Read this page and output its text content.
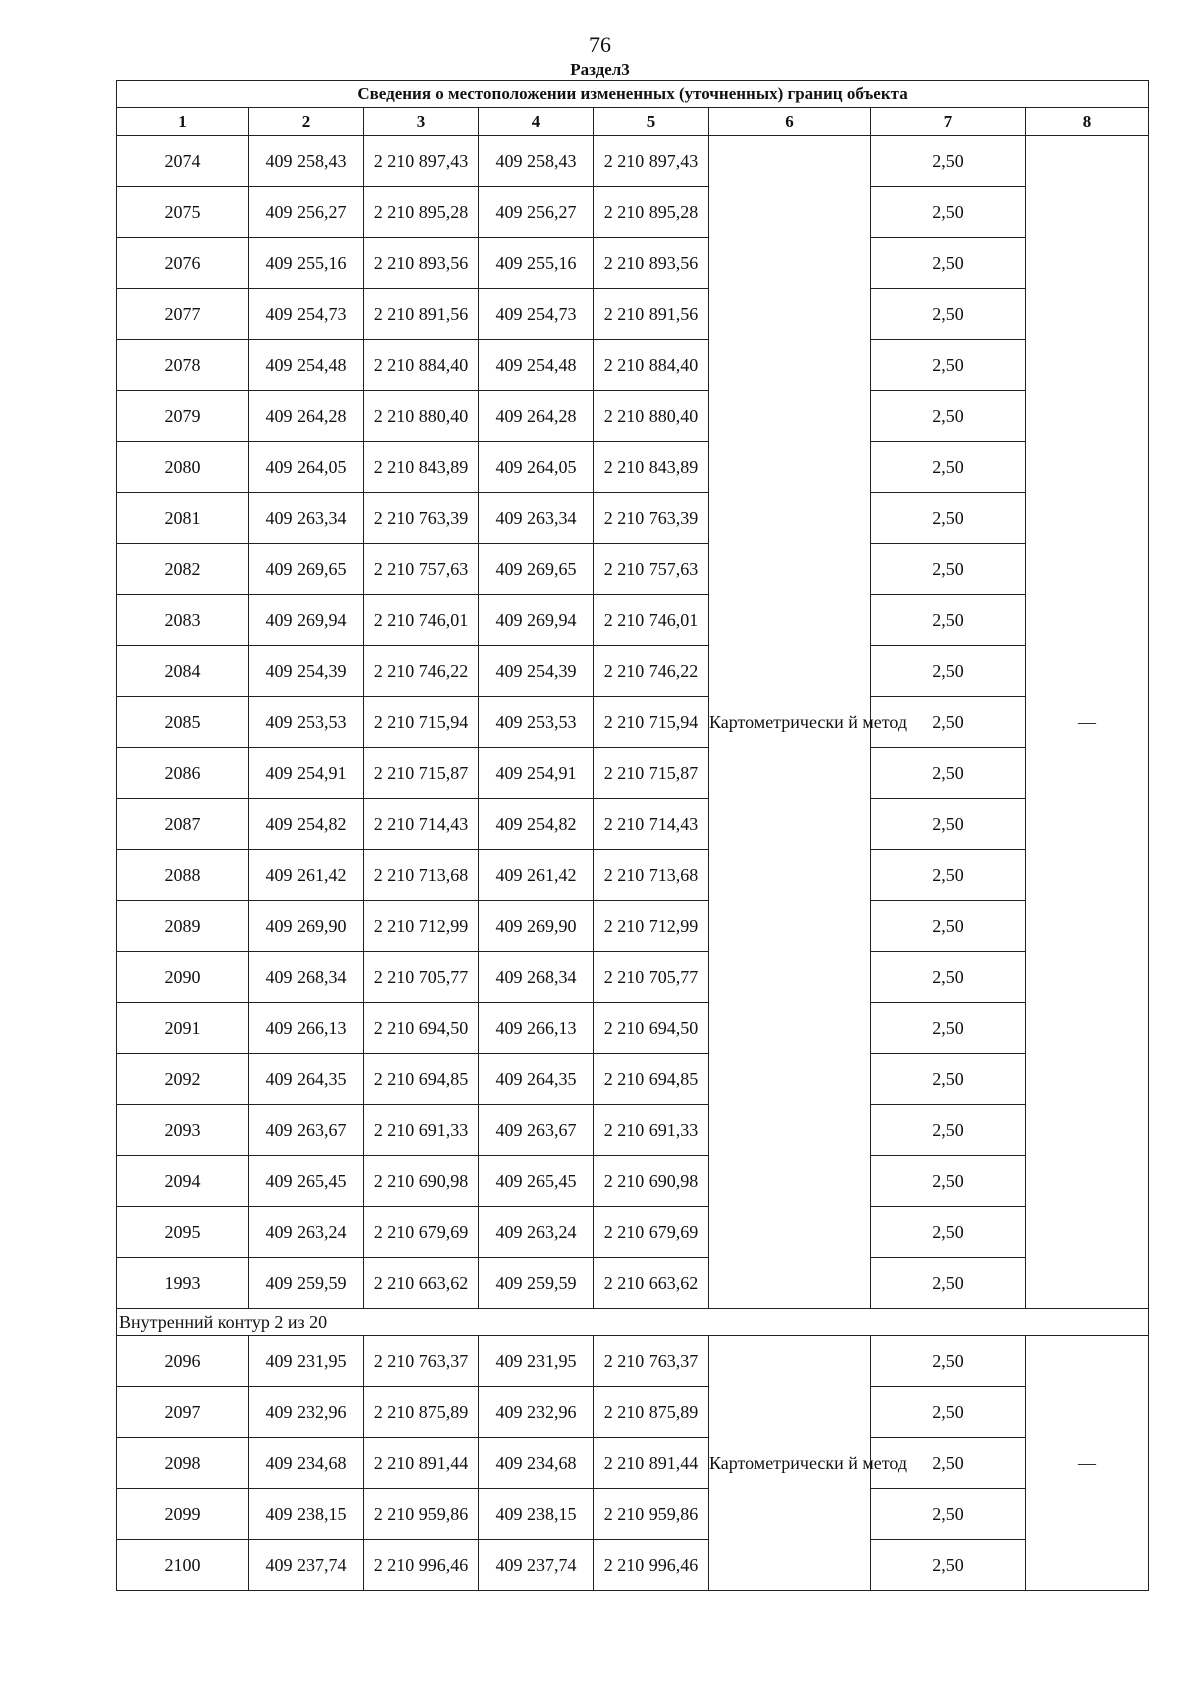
76
Раздел3
Сведения о местоположении измененных (уточненных) границ объекта							
1	2	3	4	5	6	7	8
2074	409 258,43	2 210 897,43	409 258,43	2 210 897,43	Картометрически й метод	2,50	—
2075	409 256,27	2 210 895,28	409 256,27	2 210 895,28		2,50	
2076	409 255,16	2 210 893,56	409 255,16	2 210 893,56		2,50	
2077	409 254,73	2 210 891,56	409 254,73	2 210 891,56		2,50	
2078	409 254,48	2 210 884,40	409 254,48	2 210 884,40		2,50	
2079	409 264,28	2 210 880,40	409 264,28	2 210 880,40		2,50	
2080	409 264,05	2 210 843,89	409 264,05	2 210 843,89		2,50	
2081	409 263,34	2 210 763,39	409 263,34	2 210 763,39		2,50	
2082	409 269,65	2 210 757,63	409 269,65	2 210 757,63		2,50	
2083	409 269,94	2 210 746,01	409 269,94	2 210 746,01		2,50	
2084	409 254,39	2 210 746,22	409 254,39	2 210 746,22		2,50	
2085	409 253,53	2 210 715,94	409 253,53	2 210 715,94		2,50	
2086	409 254,91	2 210 715,87	409 254,91	2 210 715,87		2,50	
2087	409 254,82	2 210 714,43	409 254,82	2 210 714,43		2,50	
2088	409 261,42	2 210 713,68	409 261,42	2 210 713,68		2,50	
2089	409 269,90	2 210 712,99	409 269,90	2 210 712,99		2,50	
2090	409 268,34	2 210 705,77	409 268,34	2 210 705,77		2,50	
2091	409 266,13	2 210 694,50	409 266,13	2 210 694,50		2,50	
2092	409 264,35	2 210 694,85	409 264,35	2 210 694,85		2,50	
2093	409 263,67	2 210 691,33	409 263,67	2 210 691,33		2,50	
2094	409 265,45	2 210 690,98	409 265,45	2 210 690,98		2,50	
2095	409 263,24	2 210 679,69	409 263,24	2 210 679,69		2,50	
1993	409 259,59	2 210 663,62	409 259,59	2 210 663,62		2,50	
Внутренний контур 2 из 20							
2096	409 231,95	2 210 763,37	409 231,95	2 210 763,37	Картометрически й метод	2,50	—
2097	409 232,96	2 210 875,89	409 232,96	2 210 875,89		2,50	
2098	409 234,68	2 210 891,44	409 234,68	2 210 891,44		2,50	
2099	409 238,15	2 210 959,86	409 238,15	2 210 959,86		2,50	
2100	409 237,74	2 210 996,46	409 237,74	2 210 996,46		2,50	
